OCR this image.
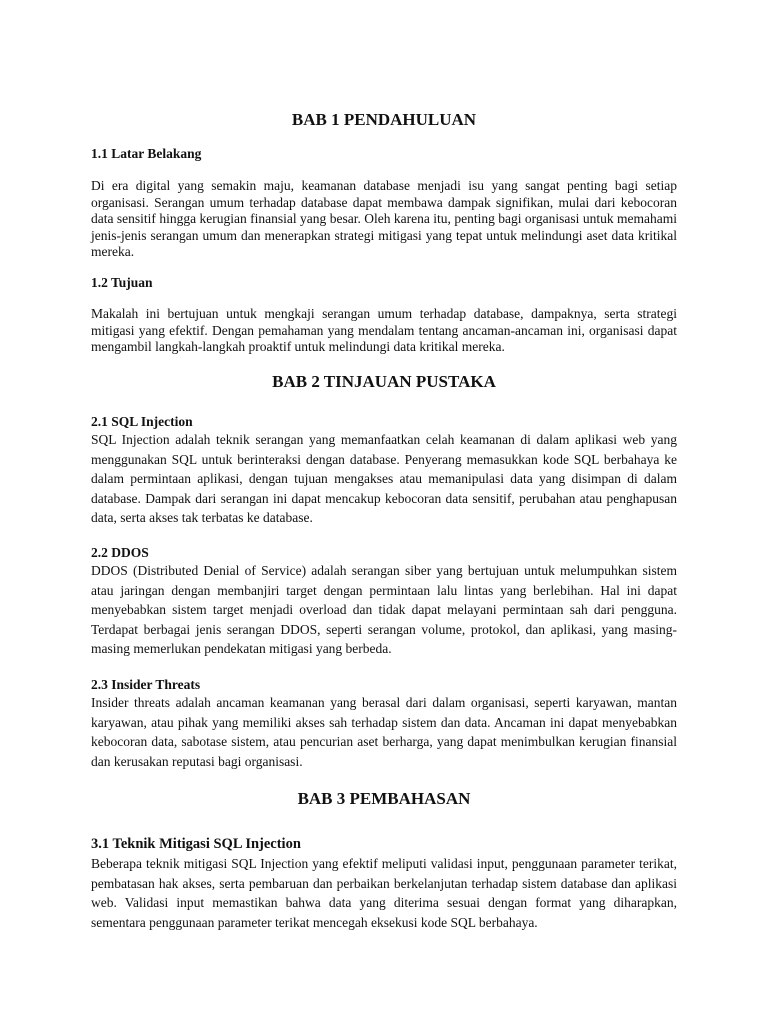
BAB 1 PENDAHULUAN
1.1 Latar Belakang

Di era digital yang semakin maju, keamanan database menjadi isu yang sangat penting bagi setiap organisasi. Serangan umum terhadap database dapat membawa dampak signifikan, mulai dari kebocoran data sensitif hingga kerugian finansial yang besar. Oleh karena itu, penting bagi organisasi untuk memahami jenis-jenis serangan umum dan menerapkan strategi mitigasi yang tepat untuk melindungi aset data kritikal mereka.

1.2 Tujuan

Makalah ini bertujuan untuk mengkaji serangan umum terhadap database, dampaknya, serta strategi mitigasi yang efektif. Dengan pemahaman yang mendalam tentang ancaman-ancaman ini, organisasi dapat mengambil langkah-langkah proaktif untuk melindungi data kritikal mereka.

BAB 2 TINJAUAN PUSTAKA
2.1 SQL Injection

SQL Injection adalah teknik serangan yang memanfaatkan celah keamanan di dalam aplikasi web yang menggunakan SQL untuk berinteraksi dengan database. Penyerang memasukkan kode SQL berbahaya ke dalam permintaan aplikasi, dengan tujuan mengakses atau memanipulasi data yang disimpan di dalam database. Dampak dari serangan ini dapat mencakup kebocoran data sensitif, perubahan atau penghapusan data, serta akses tak terbatas ke database.

2.2 DDOS

DDOS (Distributed Denial of Service) adalah serangan siber yang bertujuan untuk melumpuhkan sistem atau jaringan dengan membanjiri target dengan permintaan lalu lintas yang berlebihan. Hal ini dapat menyebabkan sistem target menjadi overload dan tidak dapat melayani permintaan sah dari pengguna. Terdapat berbagai jenis serangan DDOS, seperti serangan volume, protokol, dan aplikasi, yang masing-masing memerlukan pendekatan mitigasi yang berbeda.

2.3 Insider Threats

Insider threats adalah ancaman keamanan yang berasal dari dalam organisasi, seperti karyawan, mantan karyawan, atau pihak yang memiliki akses sah terhadap sistem dan data. Ancaman ini dapat menyebabkan kebocoran data, sabotase sistem, atau pencurian aset berharga, yang dapat menimbulkan kerugian finansial dan kerusakan reputasi bagi organisasi.

BAB 3 PEMBAHASAN
3.1 Teknik Mitigasi SQL Injection

Beberapa teknik mitigasi SQL Injection yang efektif meliputi validasi input, penggunaan parameter terikat, pembatasan hak akses, serta pembaruan dan perbaikan berkelanjutan terhadap sistem database dan aplikasi web. Validasi input memastikan bahwa data yang diterima sesuai dengan format yang diharapkan, sementara penggunaan parameter terikat mencegah eksekusi kode SQL berbahaya.
